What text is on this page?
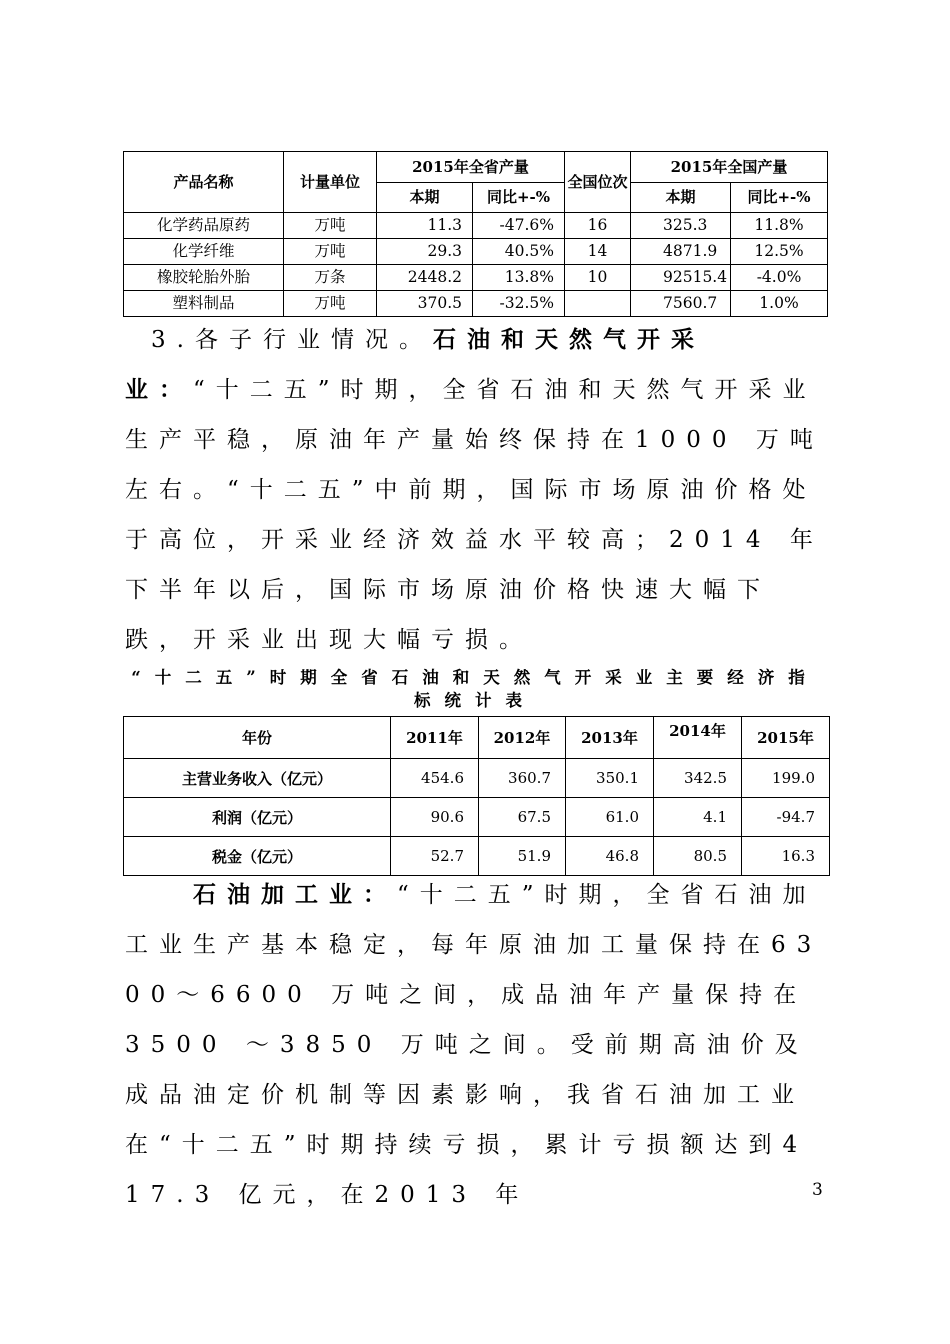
产品名称	计量单位	2015年全省产量		全国位次	2015年全国产量	
		本期	同比+-%		本期	同比+-%
化学药品原药	万吨	11.3	-47.6%	16	325.3	11.8%
化学纤维	万吨	29.3	40.5%	14	4871.9	12.5%
橡胶轮胎外胎	万条	2448.2	13.8%	10	92515.4	-4.0%
塑料制品	万吨	370.5	-32.5%		7560.7	1.0%
3.各子行业情况。石油和天然气开采业：“十二五”时期，全省石油和天然气开采业生产平稳，原油年产量始终保持在1000 万吨左右。“十二五”中前期，国际市场原油价格处于高位，开采业经济效益水平较高；2014 年下半年以后，国际市场原油价格快速大幅下跌，开采业出现大幅亏损。
“十二五”时期全省石油和天然气开采业主要经济指标统计表
年份	2011年	2012年	2013年	2014年	2015年
主营业务收入（亿元）	454.6	360.7	350.1	342.5	199.0
利润（亿元）	90.6	67.5	61.0	4.1	-94.7
税金（亿元）	52.7	51.9	46.8	80.5	16.3
石油加工业：“十二五”时期，全省石油加工业生产基本稳定，每年原油加工量保持在6300～6600 万吨之间，成品油年产量保持在3500 ～3850 万吨之间。受前期高油价及成品油定价机制等因素影响，我省石油加工业在“十二五”时期持续亏损，累计亏损额达到417.3 亿元，在2013 年	3
